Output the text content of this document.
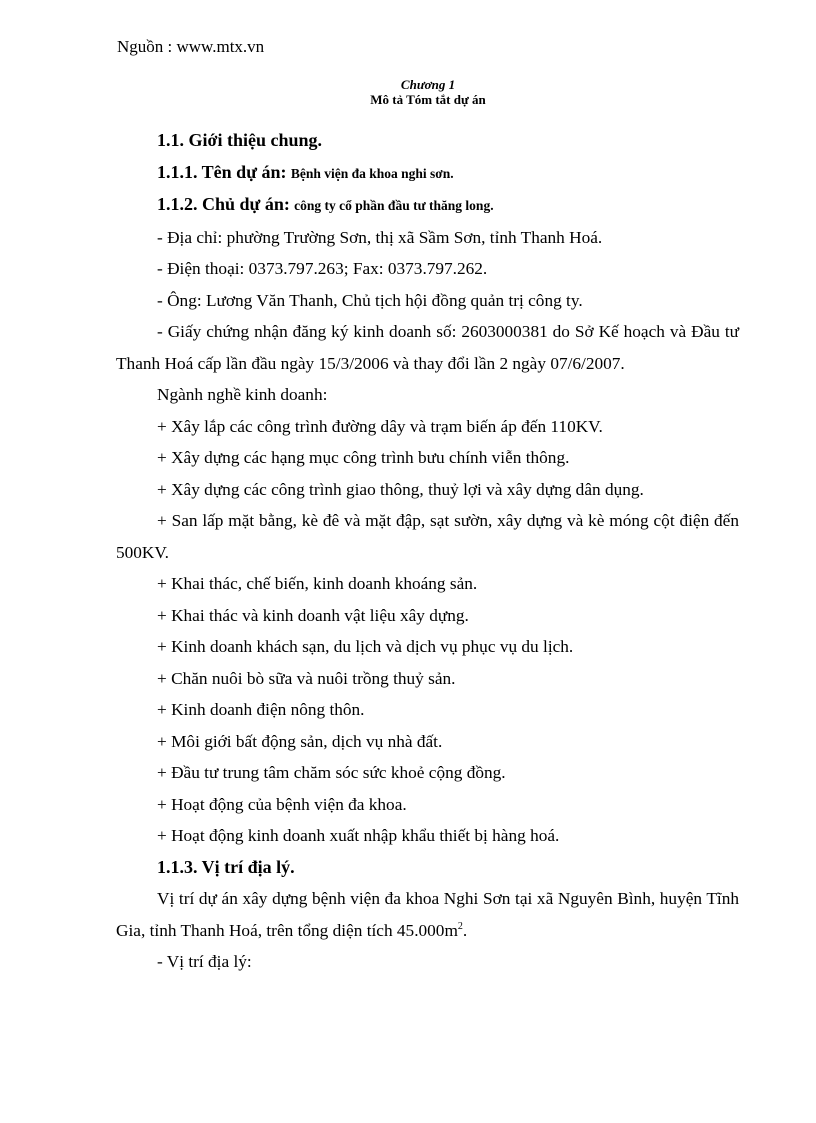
Nguồn : www.mtx.vn
Chương 1
Mô tả Tóm tắt dự án

1.1. Giới thiệu chung.

1.1.1. Tên dự án: Bệnh viện đa khoa nghi sơn.

1.1.2. Chủ dự án: công ty cổ phần đầu tư thăng long.

- Địa chỉ: phường Trường Sơn, thị xã Sầm Sơn, tỉnh Thanh Hoá.

- Điện thoại: 0373.797.263; Fax: 0373.797.262.

- Ông: Lương Văn Thanh, Chủ tịch hội đồng quản trị công ty.

- Giấy chứng nhận đăng ký kinh doanh số: 2603000381 do Sở Kế hoạch và Đầu tư Thanh Hoá cấp lần đầu ngày 15/3/2006 và thay đổi lần 2 ngày 07/6/2007.

Ngành nghề kinh doanh:

+ Xây lắp các công trình đường dây và trạm biến áp đến 110KV.

+ Xây dựng các hạng mục công trình bưu chính viễn thông.

+ Xây dựng các công trình giao thông, thuỷ lợi và xây dựng dân dụng.

+ San lấp mặt bằng, kè đê và mặt đập, sạt sườn, xây dựng và kè móng cột điện đến 500KV.

+ Khai thác, chế biến, kinh doanh khoáng sản.

+ Khai thác và kinh doanh vật liệu xây dựng.

+ Kinh doanh khách sạn, du lịch và dịch vụ phục vụ du lịch.

+ Chăn nuôi bò sữa và nuôi trồng thuỷ sản.

+ Kinh doanh điện nông thôn.

+ Môi giới bất động sản, dịch vụ nhà đất.

+ Đầu tư trung tâm chăm sóc sức khoẻ cộng đồng.

+ Hoạt động của bệnh viện đa khoa.

+ Hoạt động kinh doanh xuất nhập khẩu thiết bị hàng hoá.

1.1.3. Vị trí địa lý.

Vị trí dự án xây dựng bệnh viện đa khoa Nghi Sơn tại xã Nguyên Bình, huyện Tĩnh Gia, tỉnh Thanh Hoá, trên tổng diện tích $45.000m^2$.

- Vị trí địa lý:
